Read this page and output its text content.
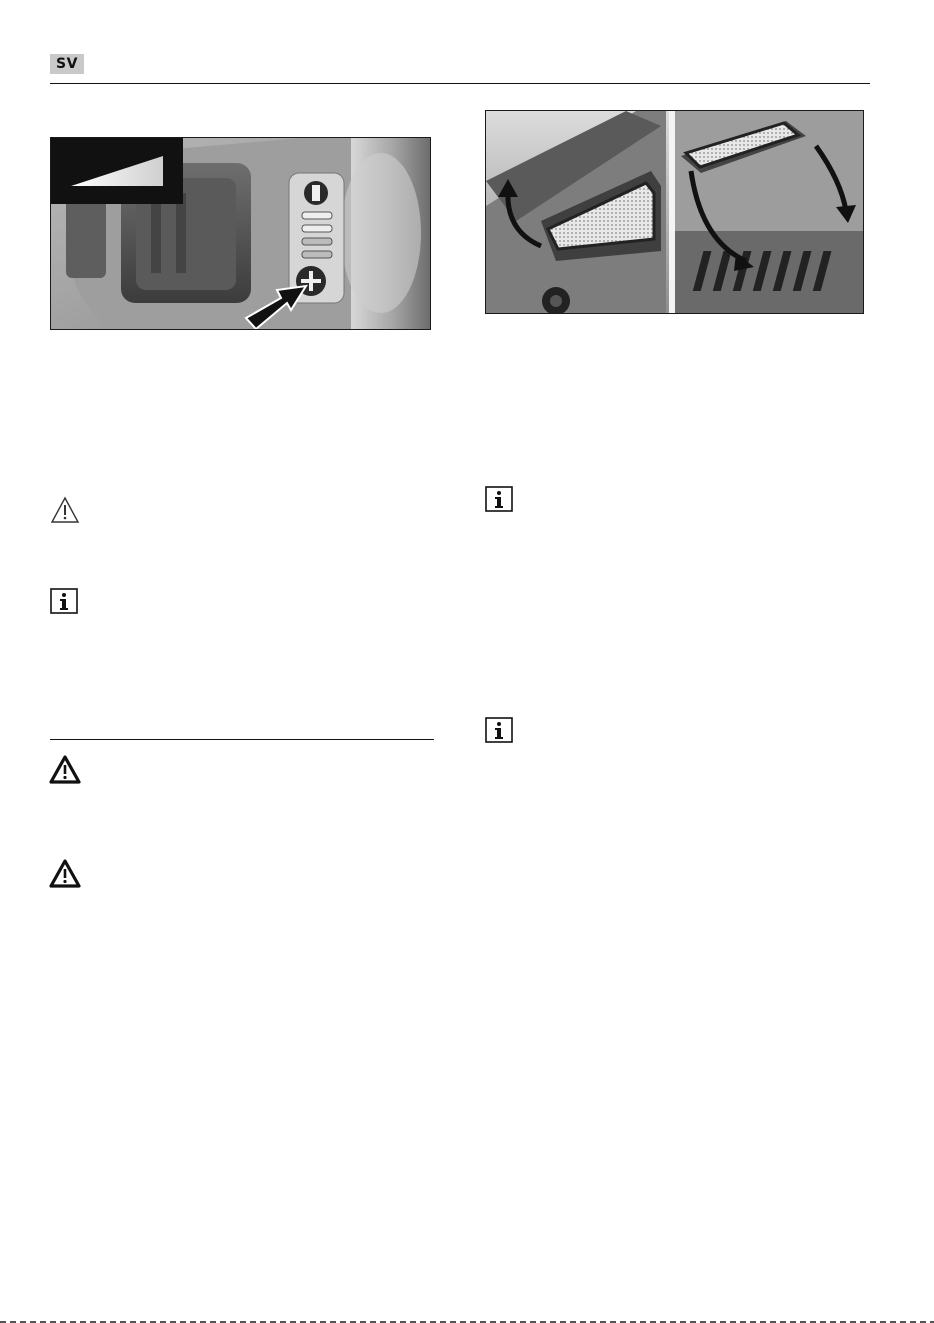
SV
